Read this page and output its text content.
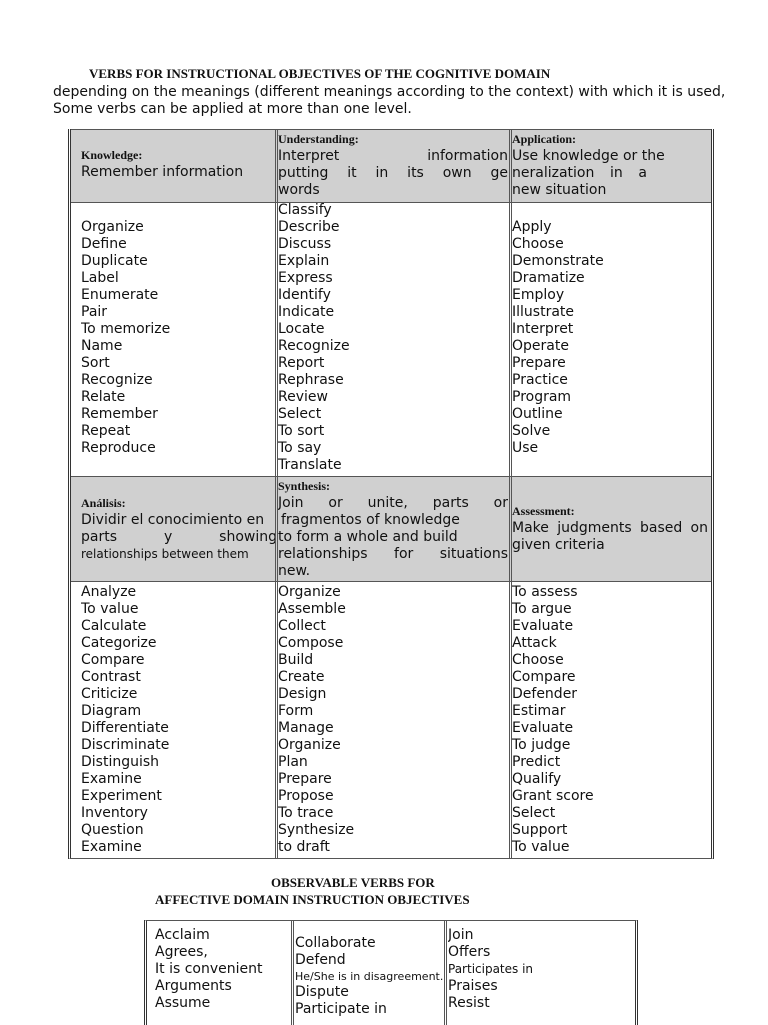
VERBS FOR INSTRUCTIONAL OBJECTIVES OF THE COGNITIVE DOMAIN
depending on the meanings (different meanings according to the context) with which it is used,
Some verbs can be applied at more than one level.
Knowledge:
Remember information
Understanding:
Interpret	information
putting it in its own ge
words
Application:
Use knowledge or the
neralization in a
new situation
Organize
Define
Duplicate
Label
Enumerate
Pair
To memorize
Name
Sort
Recognize
Relate
Remember
Repeat
Reproduce
Classify
Describe
Discuss
Explain
Express
Identify
Indicate
Locate
Recognize
Report
Rephrase
Review
Select
To sort
To say
Translate
Apply
Choose
Demonstrate
Dramatize
Employ
Illustrate
Interpret
Operate
Prepare
Practice
Program
Outline
Solve
Use
Análisis:
Dividir el conocimiento en
parts y showing
relationships between them
Synthesis:
Join or unite, parts or
fragmentos of knowledge
to form a whole and build
relationships for situations
new.
Assessment:
Make judgments based on
given criteria
Analyze
To value
Calculate
Categorize
Compare
Contrast
Criticize
Diagram
Differentiate
Discriminate
Distinguish
Examine
Experiment
Inventory
Question
Examine
Organize
Assemble
Collect
Compose
Build
Create
Design
Form
Manage
Organize
Plan
Prepare
Propose
To trace
Synthesize
to draft
To assess
To argue
Evaluate
Attack
Choose
Compare
Defender
Estimar
Evaluate
To judge
Predict
Qualify
Grant score
Select
Support
To value
OBSERVABLE VERBS FOR
AFFECTIVE DOMAIN INSTRUCTION OBJECTIVES
Acclaim
Agrees,
It is convenient
Arguments
Assume
Collaborate
Defend
He/She is in disagreement.
Dispute
Participate in
Join
Offers
Participates in
Praises
Resist
